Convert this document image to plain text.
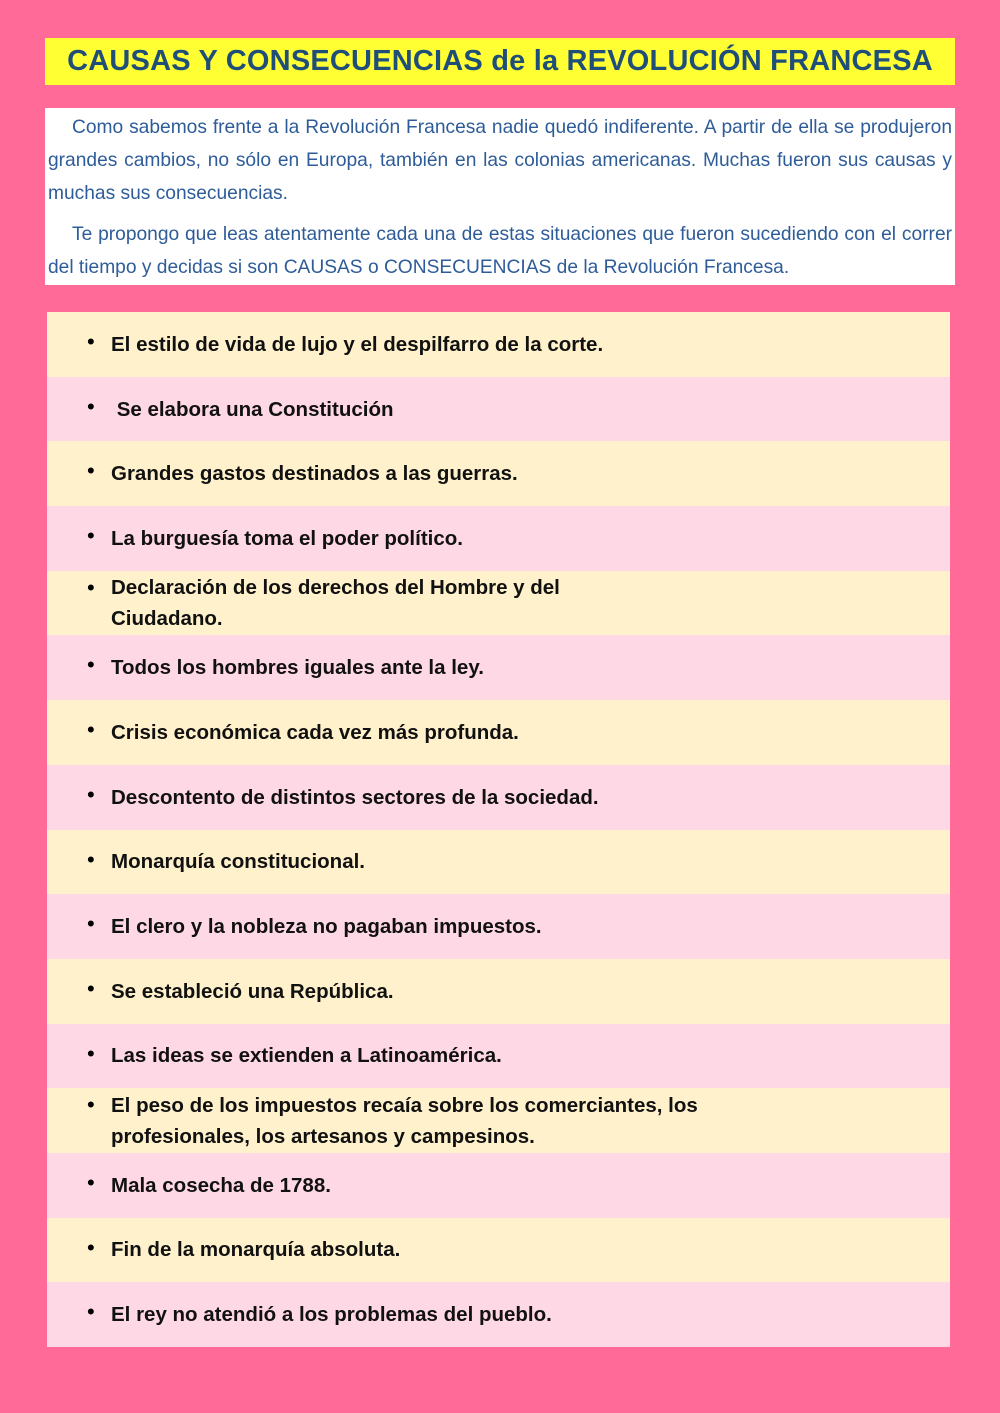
CAUSAS Y CONSECUENCIAS de la REVOLUCIÓN FRANCESA

Como sabemos frente a la Revolución Francesa nadie quedó indiferente. A partir de ella se produjeron grandes cambios, no sólo en Europa, también en las colonias americanas. Muchas fueron sus causas y muchas sus consecuencias.

Te propongo que leas atentamente cada una de estas situaciones que fueron sucediendo con el correr del tiempo y decidas si son CAUSAS o CONSECUENCIAS de la Revolución Francesa.

• El estilo de vida de lujo y el despilfarro de la corte.
• Se elabora una Constitución
• Grandes gastos destinados a las guerras.
• La burguesía toma el poder político.
• Declaración de los derechos del Hombre y del Ciudadano.
• Todos los hombres iguales ante la ley.
• Crisis económica cada vez más profunda.
• Descontento de distintos sectores de la sociedad.
• Monarquía constitucional.
• El clero y la nobleza no pagaban impuestos.
• Se estableció una República.
• Las ideas se extienden a Latinoamérica.
• El peso de los impuestos recaía sobre los comerciantes, los profesionales, los artesanos y campesinos.
• Mala cosecha de 1788.
• Fin de la monarquía absoluta.
• El rey no atendió a los problemas del pueblo.
